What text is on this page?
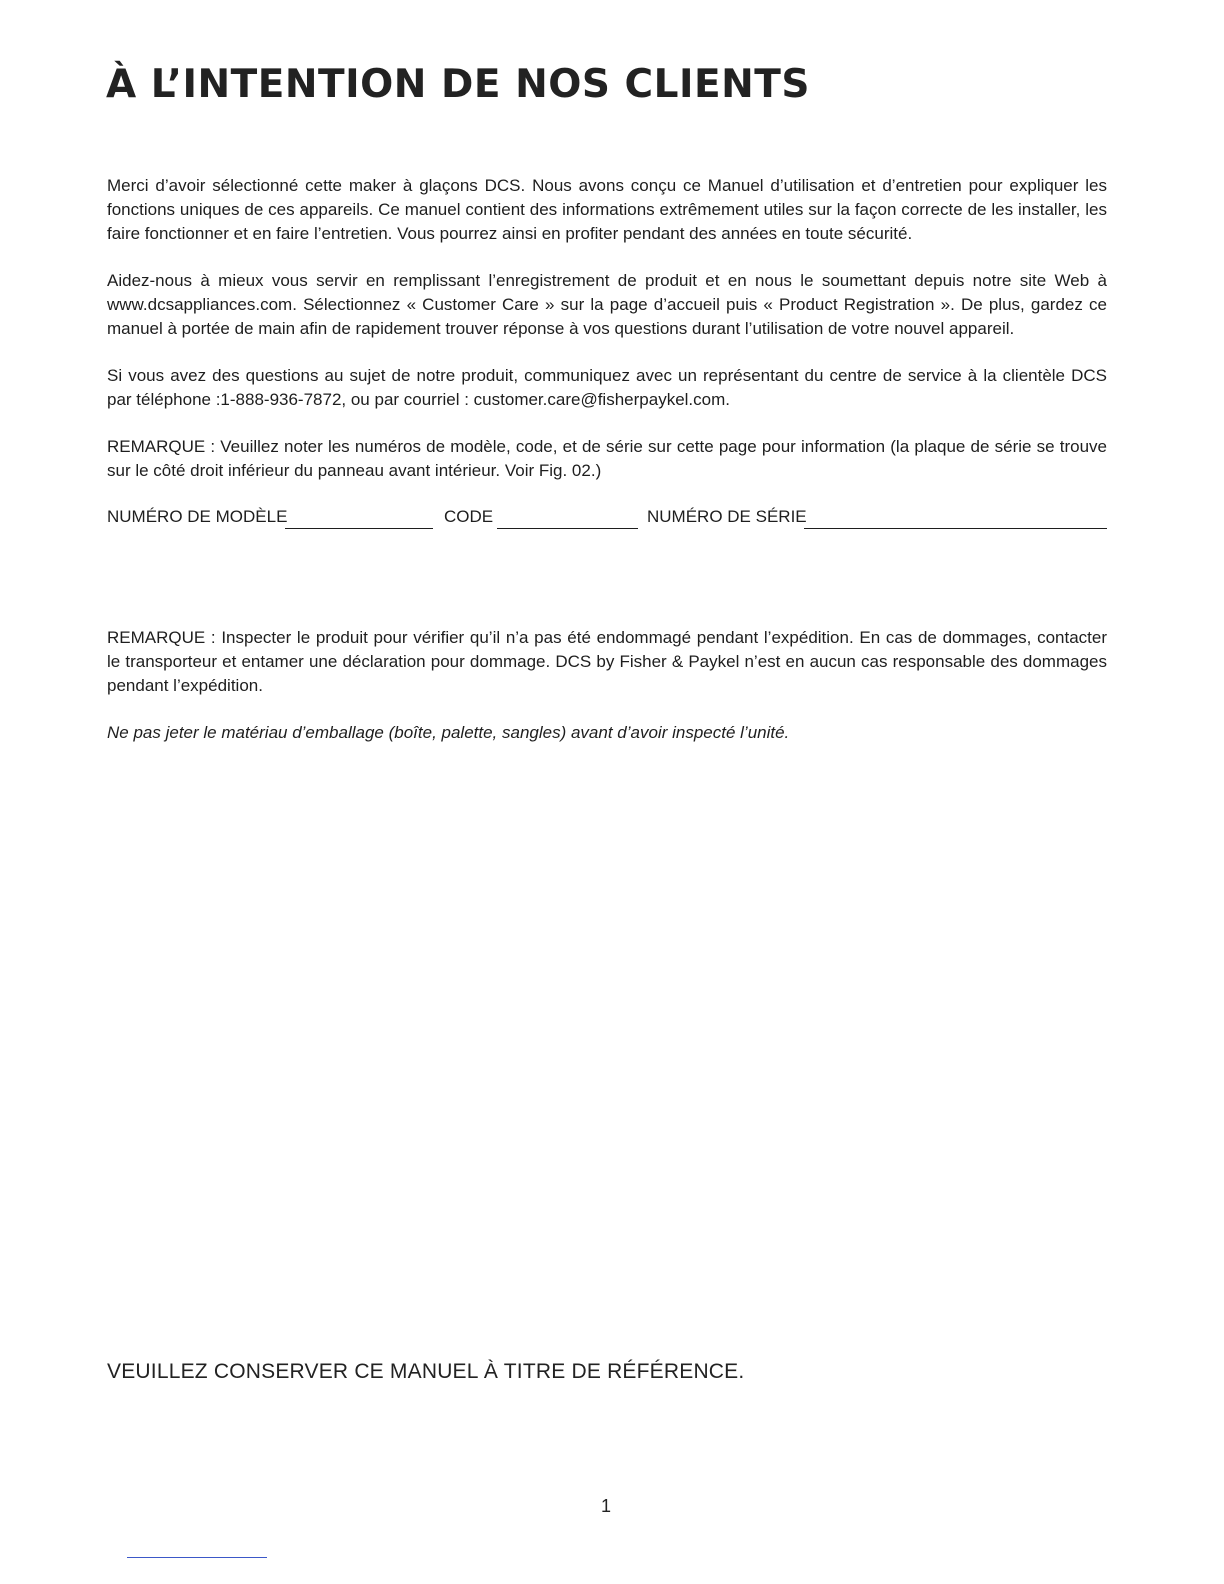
À L’INTENTION DE NOS CLIENTS

Merci d’avoir sélectionné cette maker à glaçons DCS. Nous avons conçu ce Manuel d’utilisation et d’entretien pour expliquer les fonctions uniques de ces appareils. Ce manuel contient des informations extrêmement utiles sur la façon correcte de les installer, les faire fonctionner et en faire l’entretien. Vous pourrez ainsi en profiter pendant des années en toute sécurité.

Aidez-nous à mieux vous servir en remplissant l’enregistrement de produit et en nous le soumettant depuis notre site Web à www.dcsappliances.com. Sélectionnez « Customer Care » sur la page d’accueil puis « Product Registration ». De plus, gardez ce manuel à portée de main afin de rapidement trouver réponse à vos questions durant l’utilisation de votre nouvel appareil.

Si vous avez des questions au sujet de notre produit, communiquez avec un représentant du centre de service à la clientèle DCS par téléphone :1-888-936-7872, ou par courriel : customer.care@fisherpaykel.com.

REMARQUE : Veuillez noter les numéros de modèle, code, et de série sur cette page pour information (la plaque de série se trouve sur le côté droit inférieur du panneau avant intérieur. Voir Fig. 02.)

NUMÉRO DE MODÈLE	CODE	NUMÉRO DE SÉRIE

REMARQUE : Inspecter le produit pour vérifier qu’il n’a pas été endommagé pendant l’expédition. En cas de dommages, contacter le transporteur et entamer une déclaration pour dommage. DCS by Fisher & Paykel n’est en aucun cas responsable des dommages pendant l’expédition.

Ne pas jeter le matériau d’emballage (boîte, palette, sangles) avant d’avoir inspecté l’unité.

VEUILLEZ CONSERVER CE MANUEL À TITRE DE RÉFÉRENCE.

1
